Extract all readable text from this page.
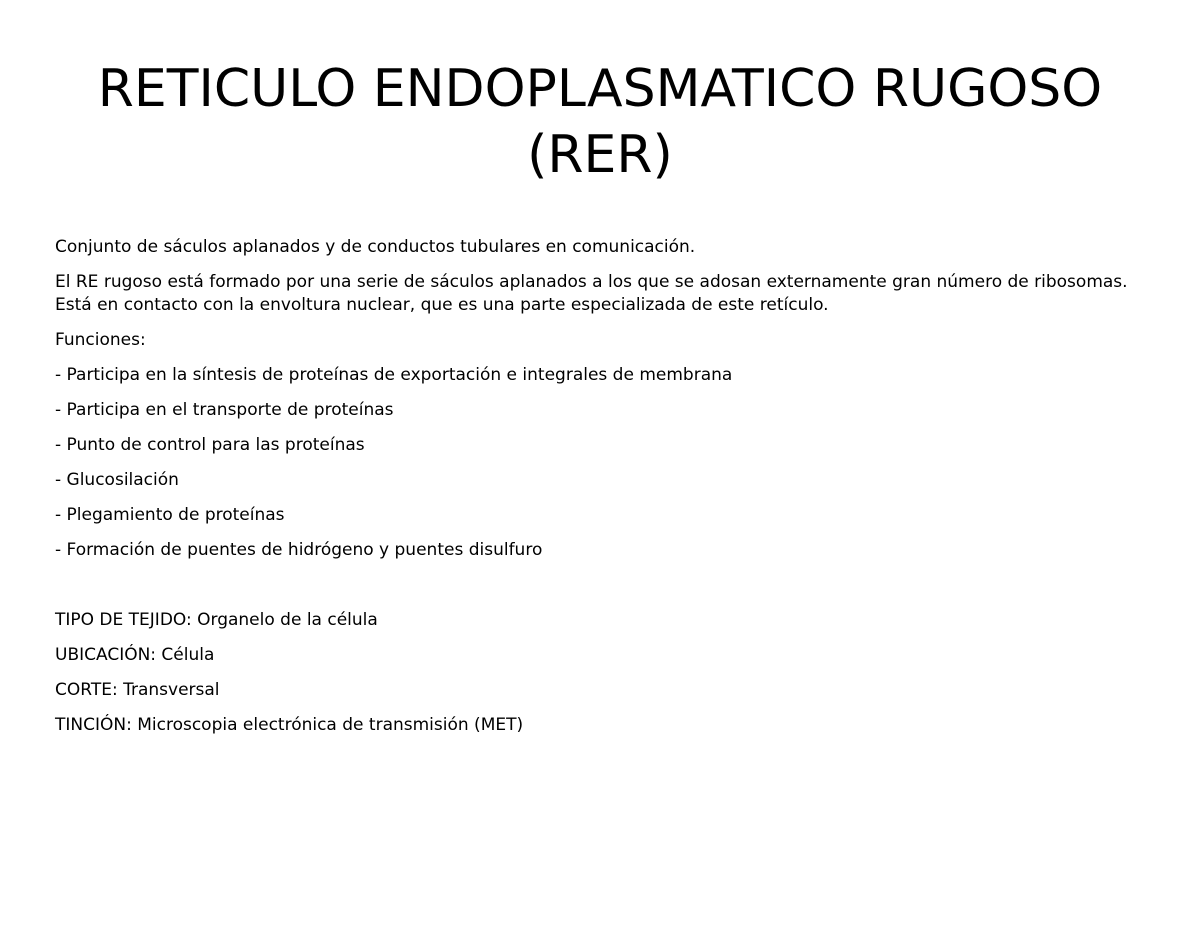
RETICULO ENDOPLASMATICO RUGOSO
(RER)

Conjunto de sáculos aplanados y de conductos tubulares en comunicación.

El RE rugoso está formado por una serie de sáculos aplanados a los que se adosan externamente gran número de ribosomas. Está en contacto con la envoltura nuclear, que es una parte especializada de este retículo.

Funciones:

- Participa en la síntesis de proteínas de exportación e integrales de membrana

- Participa en el transporte de proteínas

- Punto de control para las proteínas

- Glucosilación

- Plegamiento de proteínas

- Formación de puentes de hidrógeno y puentes disulfuro

TIPO DE TEJIDO: Organelo de la célula

UBICACIÓN: Célula

CORTE: Transversal

TINCIÓN: Microscopia electrónica de transmisión (MET)
